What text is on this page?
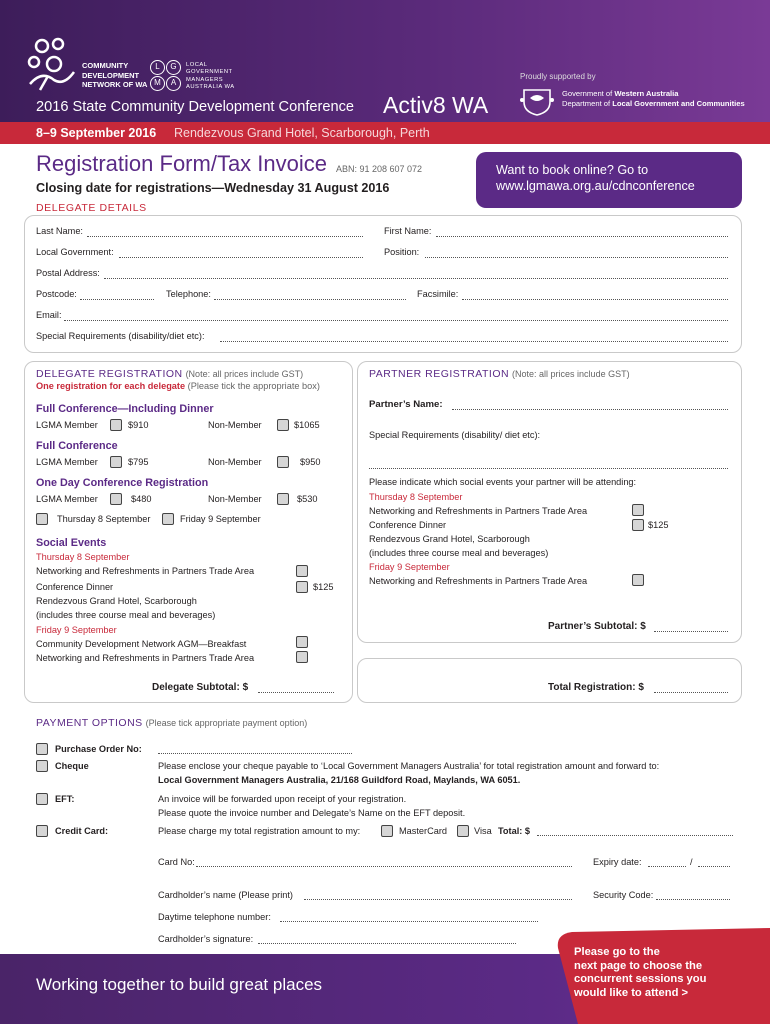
COMMUNITY
DEVELOPMENT
NETWORK OF WA
L	G
M	A
LOCAL
GOVERNMENT
MANAGERS
AUSTRALIA WA
Proudly supported by
Government of Western Australia
Department of Local Government and Communities
2016 State Community Development Conference Activ8 WA
8–9 September 2016 Rendezvous Grand Hotel, Scarborough, Perth
Registration Form/Tax Invoice ABN: 91 208 607 072
Closing date for registrations—Wednesday 31 August 2016
Want to book online? Go to
www.lgmawa.org.au/cdnconference
DELEGATE DETAILS
Last Name:	First Name:
Local Government:	Position:
Postal Address:
Postcode:	Telephone:	Facsimile:
Email:
Special Requirements (disability/diet etc):
DELEGATE REGISTRATION (Note: all prices include GST)
One registration for each delegate (Please tick the appropriate box)
Full Conference—Including Dinner
LGMA Member	$910	Non-Member	$1065
Full Conference
LGMA Member	$795	Non-Member	$950
One Day Conference Registration
LGMA Member	$480	Non-Member	$530
Thursday 8 September	Friday 9 September
Social Events
Thursday 8 September
Networking and Refreshments in Partners Trade Area
Conference Dinner	$125
Rendezvous Grand Hotel, Scarborough
(includes three course meal and beverages)
Friday 9 September
Community Development Network AGM—Breakfast
Networking and Refreshments in Partners Trade Area
Delegate Subtotal: $
PARTNER REGISTRATION (Note: all prices include GST)
Partner’s Name:
Special Requirements (disability/ diet etc):
Please indicate which social events your partner will be attending:
Thursday 8 September
Networking and Refreshments in Partners Trade Area
Conference Dinner	$125
Rendezvous Grand Hotel, Scarborough
(includes three course meal and beverages)
Friday 9 September
Networking and Refreshments in Partners Trade Area
Partner’s Subtotal: $
Total Registration: $
PAYMENT OPTIONS (Please tick appropriate payment option)
Purchase Order No:
Cheque	Please enclose your cheque payable to ‘Local Government Managers Australia’ for total registration amount and forward to:
Local Government Managers Australia, 21/168 Guildford Road, Maylands, WA 6051.
EFT:	An invoice will be forwarded upon receipt of your registration.
Please quote the invoice number and Delegate’s Name on the EFT deposit.
Credit Card:	Please charge my total registration amount to my:	MasterCard	Visa Total: $
Card No:	Expiry date:	/
Cardholder’s name (Please print)	Security Code:
Daytime telephone number:
Cardholder’s signature:
Working together to build great places
Please go to the
next page to choose the
concurrent sessions you
would like to attend >
